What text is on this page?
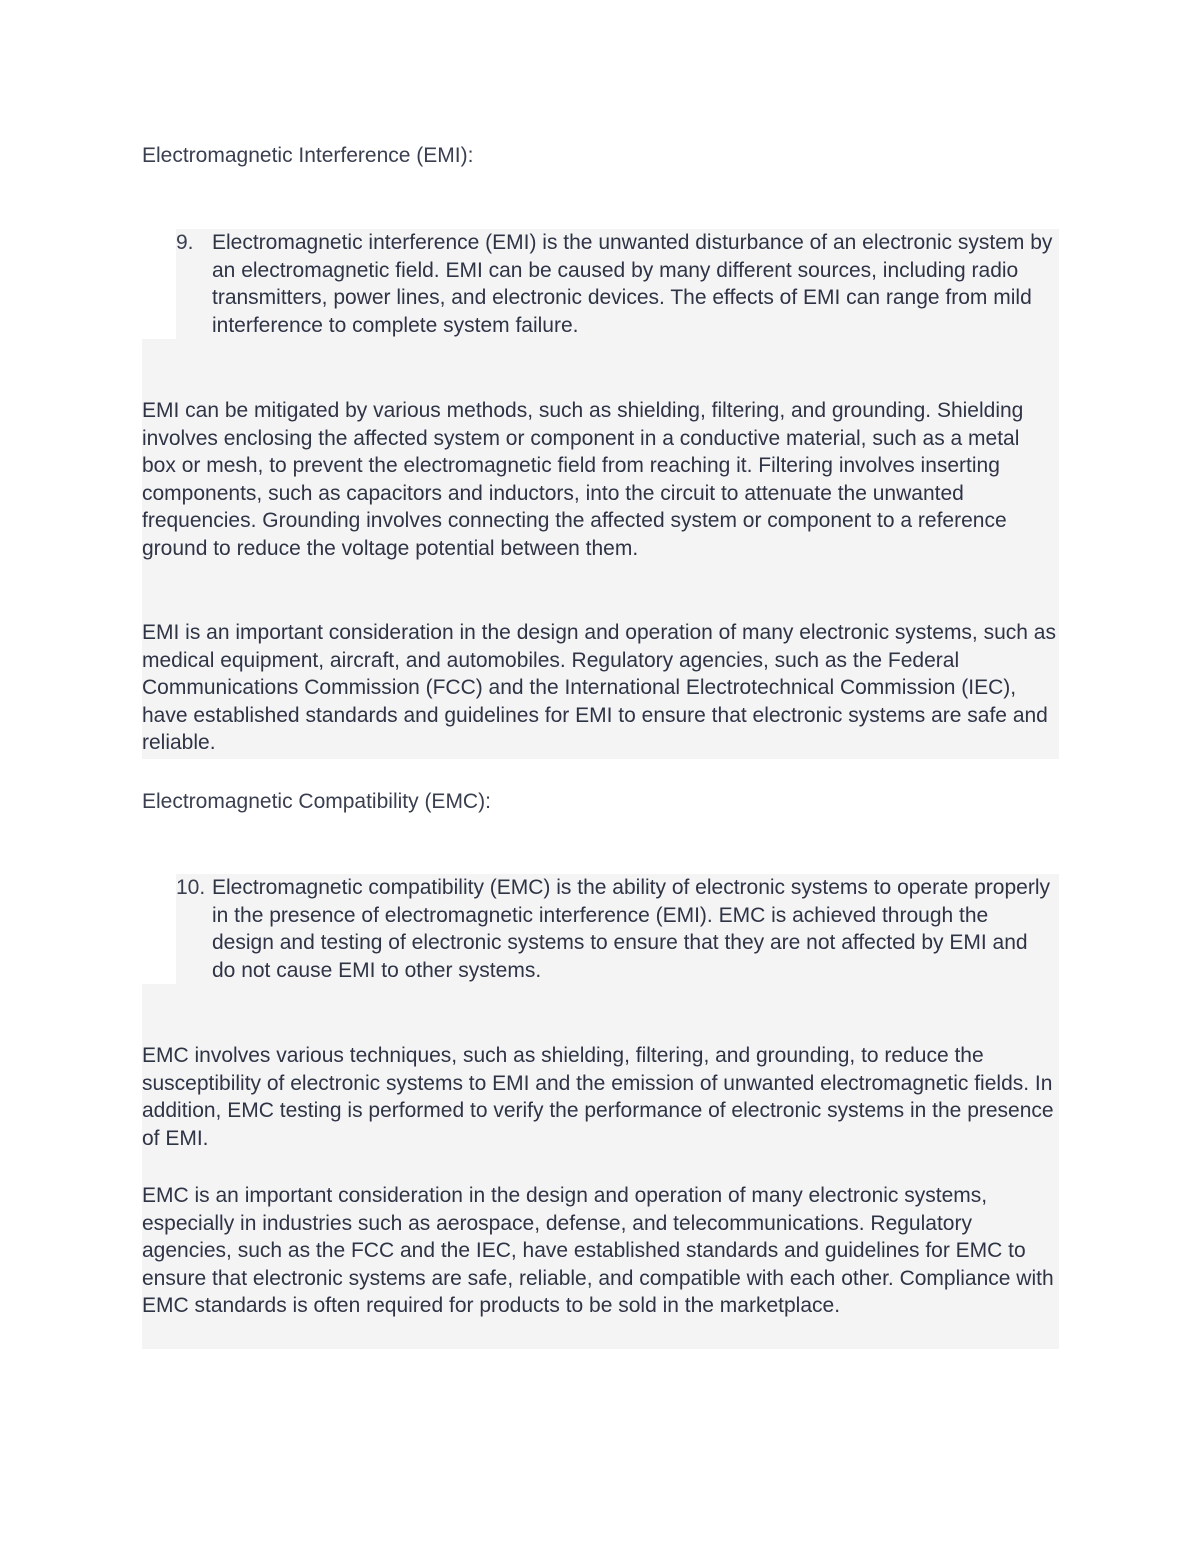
Electromagnetic Interference (EMI):
9. Electromagnetic interference (EMI) is the unwanted disturbance of an electronic system by an electromagnetic field. EMI can be caused by many different sources, including radio transmitters, power lines, and electronic devices. The effects of EMI can range from mild interference to complete system failure.

EMI can be mitigated by various methods, such as shielding, filtering, and grounding. Shielding involves enclosing the affected system or component in a conductive material, such as a metal box or mesh, to prevent the electromagnetic field from reaching it. Filtering involves inserting components, such as capacitors and inductors, into the circuit to attenuate the unwanted frequencies. Grounding involves connecting the affected system or component to a reference ground to reduce the voltage potential between them.

EMI is an important consideration in the design and operation of many electronic systems, such as medical equipment, aircraft, and automobiles. Regulatory agencies, such as the Federal Communications Commission (FCC) and the International Electrotechnical Commission (IEC), have established standards and guidelines for EMI to ensure that electronic systems are safe and reliable.

Electromagnetic Compatibility (EMC):
10. Electromagnetic compatibility (EMC) is the ability of electronic systems to operate properly in the presence of electromagnetic interference (EMI). EMC is achieved through the design and testing of electronic systems to ensure that they are not affected by EMI and do not cause EMI to other systems.

EMC involves various techniques, such as shielding, filtering, and grounding, to reduce the susceptibility of electronic systems to EMI and the emission of unwanted electromagnetic fields. In addition, EMC testing is performed to verify the performance of electronic systems in the presence of EMI.

EMC is an important consideration in the design and operation of many electronic systems, especially in industries such as aerospace, defense, and telecommunications. Regulatory agencies, such as the FCC and the IEC, have established standards and guidelines for EMC to ensure that electronic systems are safe, reliable, and compatible with each other. Compliance with EMC standards is often required for products to be sold in the marketplace.
